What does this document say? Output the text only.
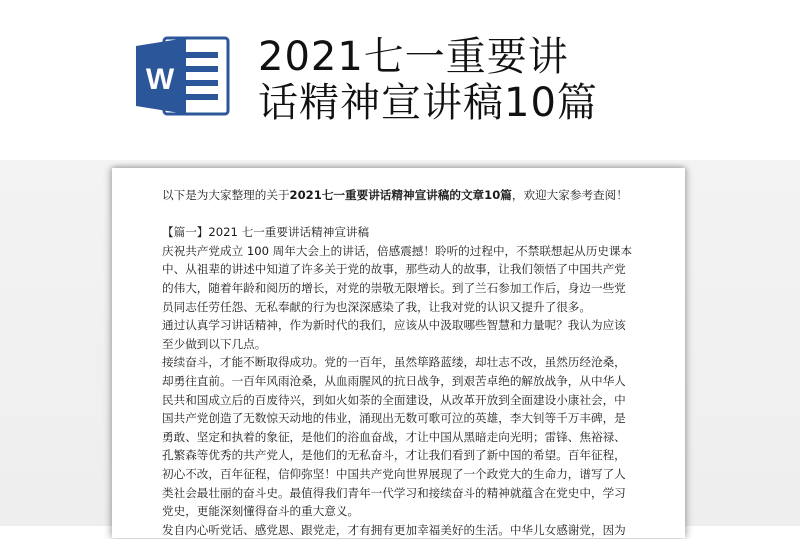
W 2021七一重要讲
话精神宣讲稿10篇
以下是为大家整理的关于2021七一重要讲话精神宣讲稿的文章10篇，欢迎大家参考查阅！
【篇一】2021 七一重要讲话精神宣讲稿
庆祝共产党成立 100 周年大会上的讲话，倍感震撼！聆听的过程中，不禁联想起从历史课本
中、从祖辈的讲述中知道了许多关于党的故事，那些动人的故事，让我们领悟了中国共产党
的伟大，随着年龄和阅历的增长，对党的崇敬无限增长。到了兰石参加工作后，身边一些党
员同志任劳任怨、无私奉献的行为也深深感染了我，让我对党的认识又提升了很多。
通过认真学习讲话精神，作为新时代的我们，应该从中汲取哪些智慧和力量呢？我认为应该
至少做到以下几点。
接续奋斗，才能不断取得成功。党的一百年，虽然筚路蓝缕，却壮志不改，虽然历经沧桑，
却勇往直前。一百年风雨沧桑，从血雨腥风的抗日战争，到艰苦卓绝的解放战争，从中华人
民共和国成立后的百废待兴，到如火如荼的全面建设，从改革开放到全面建设小康社会，中
国共产党创造了无数惊天动地的伟业，涌现出无数可歌可泣的英雄，李大钊等千万丰碑，是
勇敢、坚定和执着的象征，是他们的浴血奋战，才让中国从黑暗走向光明；雷锋、焦裕禄、
孔繁森等优秀的共产党人，是他们的无私奋斗，才让我们看到了新中国的希望。百年征程，
初心不改，百年征程，信仰弥坚！中国共产党向世界展现了一个政党大的生命力，谱写了人
类社会最壮丽的奋斗史。最值得我们青年一代学习和接续奋斗的精神就蕴含在党史中，学习
党史，更能深刻懂得奋斗的重大意义。
发自内心听党话、感党恩、跟党走，才有拥有更加幸福美好的生活。中华儿女感谢党，因为
